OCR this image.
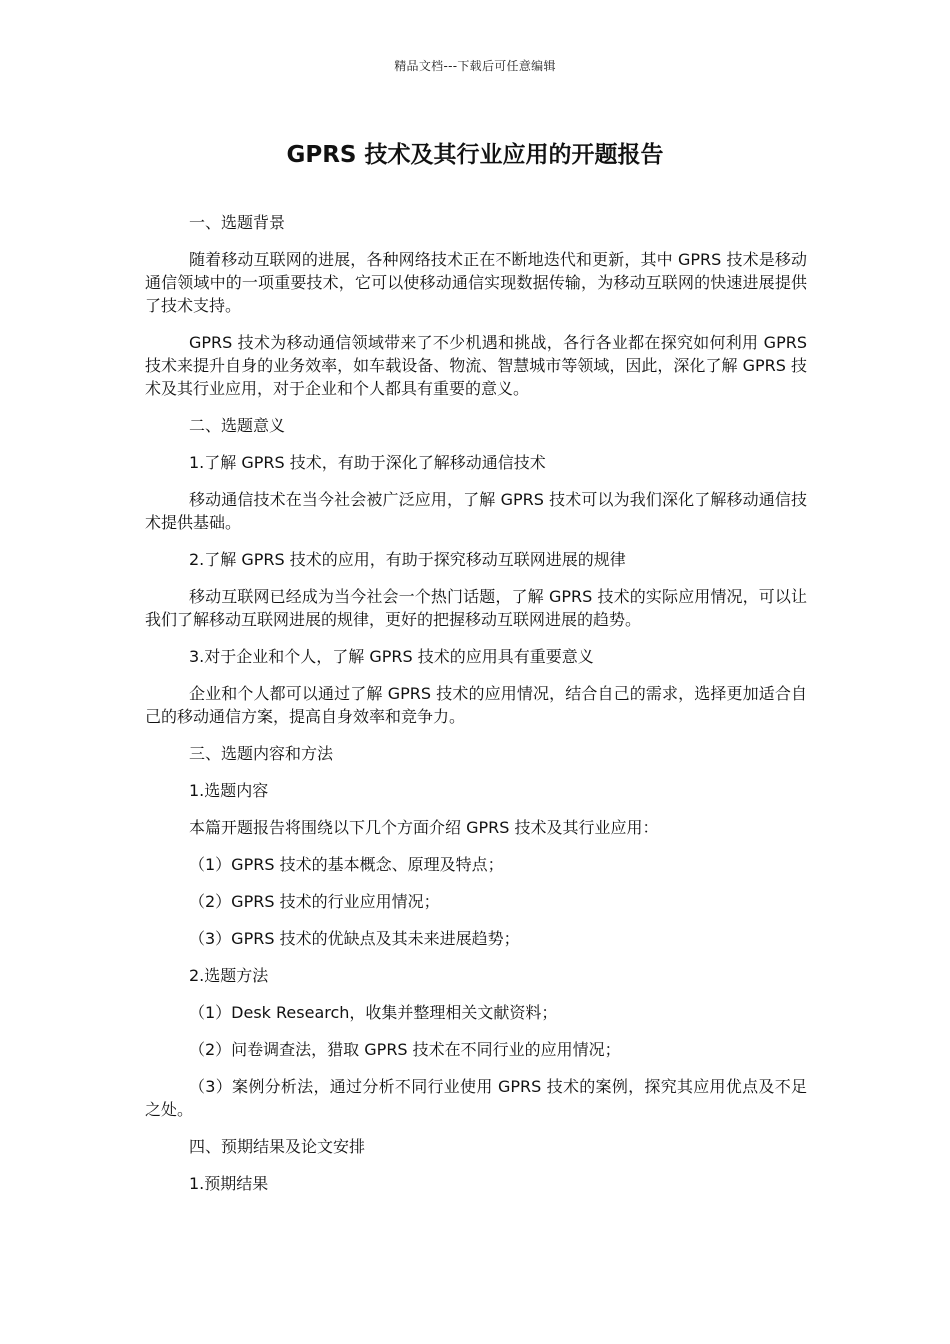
精品文档---下载后可任意编辑
GPRS 技术及其行业应用的开题报告

一、选题背景

随着移动互联网的进展，各种网络技术正在不断地迭代和更新，其中 GPRS 技术是移动通信领域中的一项重要技术，它可以使移动通信实现数据传输，为移动互联网的快速进展提供了技术支持。

GPRS 技术为移动通信领域带来了不少机遇和挑战，各行各业都在探究如何利用 GPRS 技术来提升自身的业务效率，如车载设备、物流、智慧城市等领域，因此，深化了解 GPRS 技术及其行业应用，对于企业和个人都具有重要的意义。

二、选题意义

1.了解 GPRS 技术，有助于深化了解移动通信技术

移动通信技术在当今社会被广泛应用，了解 GPRS 技术可以为我们深化了解移动通信技术提供基础。

2.了解 GPRS 技术的应用，有助于探究移动互联网进展的规律

移动互联网已经成为当今社会一个热门话题，了解 GPRS 技术的实际应用情况，可以让我们了解移动互联网进展的规律，更好的把握移动互联网进展的趋势。

3.对于企业和个人，了解 GPRS 技术的应用具有重要意义

企业和个人都可以通过了解 GPRS 技术的应用情况，结合自己的需求，选择更加适合自己的移动通信方案，提高自身效率和竞争力。

三、选题内容和方法

1.选题内容

本篇开题报告将围绕以下几个方面介绍 GPRS 技术及其行业应用：

（1）GPRS 技术的基本概念、原理及特点；

（2）GPRS 技术的行业应用情况；

（3）GPRS 技术的优缺点及其未来进展趋势；

2.选题方法

（1）Desk Research，收集并整理相关文献资料；

（2）问卷调查法，猎取 GPRS 技术在不同行业的应用情况；

（3）案例分析法，通过分析不同行业使用 GPRS 技术的案例，探究其应用优点及不足之处。

四、预期结果及论文安排

1.预期结果
